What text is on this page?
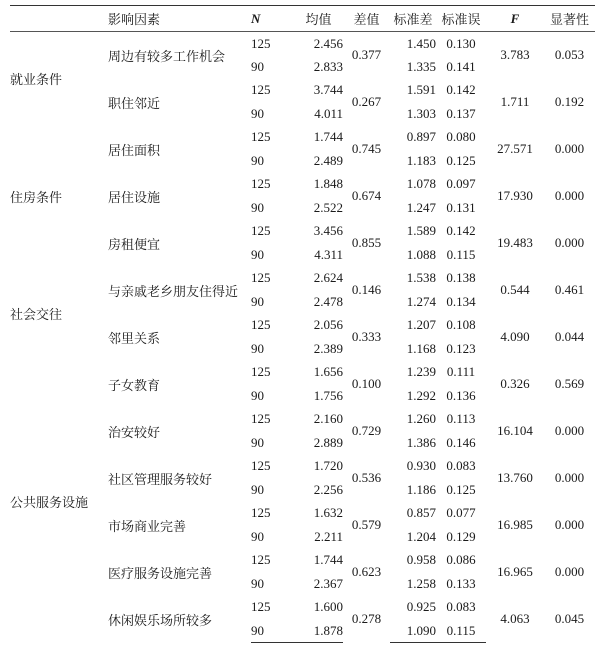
	影响因素	N	均值	差值	标准差	标准误	F	显著性
就业条件	周边有较多工作机会	125	2.456	0.377	1.450	0.130	3.783	0.053
		90	2.833		1.335	0.141		
	职住邻近	125	3.744	0.267	1.591	0.142	1.711	0.192
		90	4.011		1.303	0.137		
住房条件	居住面积	125	1.744	0.745	0.897	0.080	27.571	0.000
		90	2.489		1.183	0.125		
	居住设施	125	1.848	0.674	1.078	0.097	17.930	0.000
		90	2.522		1.247	0.131		
	房租便宜	125	3.456	0.855	1.589	0.142	19.483	0.000
		90	4.311		1.088	0.115		
社会交往	与亲戚老乡朋友住得近	125	2.624	0.146	1.538	0.138	0.544	0.461
		90	2.478		1.274	0.134		
	邻里关系	125	2.056	0.333	1.207	0.108	4.090	0.044
		90	2.389		1.168	0.123		
公共服务设施	子女教育	125	1.656	0.100	1.239	0.111	0.326	0.569
		90	1.756		1.292	0.136		
	治安较好	125	2.160	0.729	1.260	0.113	16.104	0.000
		90	2.889		1.386	0.146		
	社区管理服务较好	125	1.720	0.536	0.930	0.083	13.760	0.000
		90	2.256		1.186	0.125		
	市场商业完善	125	1.632	0.579	0.857	0.077	16.985	0.000
		90	2.211		1.204	0.129		
	医疗服务设施完善	125	1.744	0.623	0.958	0.086	16.965	0.000
		90	2.367		1.258	0.133		
	休闲娱乐场所较多	125	1.600	0.278	0.925	0.083	4.063	0.045
		90	1.878		1.090	0.115		
